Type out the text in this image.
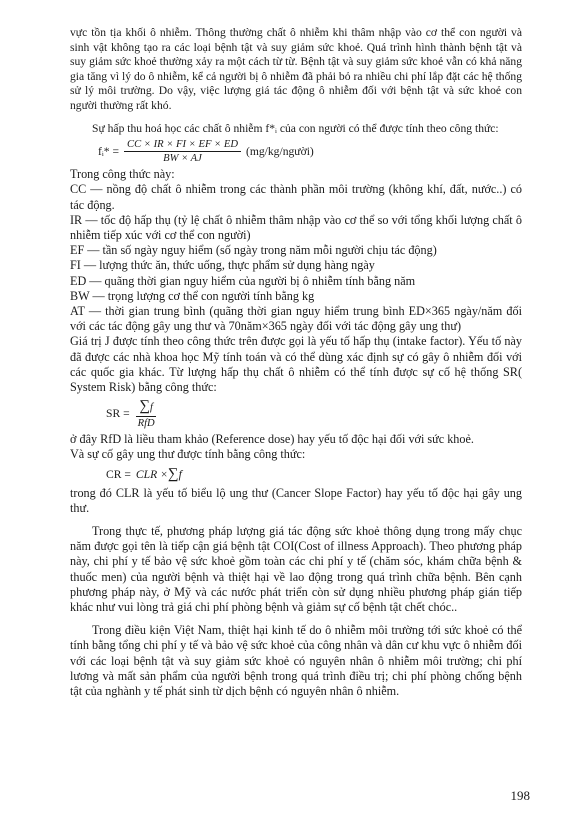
vực tồn tịa khối ô nhiễm. Thông thường chất ô nhiễm khi thâm nhập vào cơ thể con người và sinh vật không tạo ra các loại bệnh tật và suy giảm sức khoẻ. Quá trình hình thành bệnh tật và suy giảm sức khoẻ thường xảy ra một cách từ từ. Bệnh tật và suy giảm sức khoẻ vẫn có khả năng gia tăng vì lý do ô nhiễm, kể cả người bị ô nhiễm đã phải bỏ ra nhiều chi phí lắp đặt các hệ thống sử lý môi trường. Do vậy, việc lượng giá tác động ô nhiễm đối với bệnh tật và sức khoẻ con người thường rất khó.

Sự hấp thu hoá học các chất ô nhiễm f*ᵢ của con người có thể được tính theo công thức:

fᵢ* = $\frac{CC \times IR \times FI \times EF \times ED}{BW \times AJ}$ (mg/kg/người)

Trong công thức này:

CC — nồng độ chất ô nhiễm trong các thành phần môi trường (không khí, đất, nước..) có tác động.

IR — tốc độ hấp thụ (tỷ lệ chất ô nhiễm thâm nhập vào cơ thể so với tổng khối lượng chất ô nhiễm tiếp xúc với cơ thể con người)

EF — tần số ngày nguy hiểm (số ngày trong năm mỗi người chịu tác động)

FI — lượng thức ăn, thức uống, thực phẩm sử dụng hàng ngày

ED — quãng thời gian nguy hiểm của người bị ô nhiễm tính bằng năm

BW — trọng lượng cơ thể con người tính bằng kg

AT — thời gian trung bình (quãng thời gian nguy hiểm trung bình ED×365 ngày/năm đối với các tác động gây ung thư và 70năm×365 ngày đối với tác động gây ung thư)

Giá trị J được tính theo công thức trên được gọi là yếu tố hấp thụ (intake factor). Yếu tố này đã được các nhà khoa học Mỹ tính toán và có thể dùng xác định sự có gây ô nhiễm đối với các quốc gia khác. Từ lượng hấp thụ chất ô nhiễm có thể tính được sự cố hệ thống SR( System Risk) bằng công thức:

SR = $\frac{\sum f}{\text{RfD}}$

ở đây RfD là liều tham khảo (Reference dose) hay yếu tố độc hại đối với sức khoẻ.

Và sự cố gây ung thư được tính bằng công thức:

CR = CLR × ∑ f

trong đó CLR là yếu tố biểu lộ ung thư (Cancer Slope Factor) hay yếu tố độc hại gây ung thư.

Trong thực tế, phương pháp lượng giá tác động sức khoẻ thông dụng trong mấy chục năm được gọi tên là tiếp cận giá bệnh tật COI(Cost of illness Approach). Theo phương pháp này, chi phí y tế bảo vệ sức khoẻ gồm toàn các chi phí y tế (chăm sóc, khám chữa bệnh & thuốc men) của người bệnh và thiệt hại về lao động trong quá trình chữa bệnh. Bên cạnh phương pháp này, ở Mỹ và các nước phát triển còn sử dụng nhiều phương pháp gián tiếp khác như vui lòng trả giá chi phí phòng bệnh và giảm sự cố bệnh tật chết chóc..

Trong điều kiện Việt Nam, thiệt hại kinh tế do ô nhiễm môi trường tới sức khoẻ có thể tính bằng tổng chi phí y tế và bảo vệ sức khoẻ của công nhân và dân cư khu vực ô nhiễm đối với các loại bệnh tật và suy giảm sức khoẻ có nguyên nhân ô nhiễm môi trường; chi phí lương và mất sản phẩm của người bệnh trong quá trình điều trị; chi phí phòng chống bệnh tật của nghành y tế phát sinh từ dịch bệnh có nguyên nhân ô nhiễm.

198
